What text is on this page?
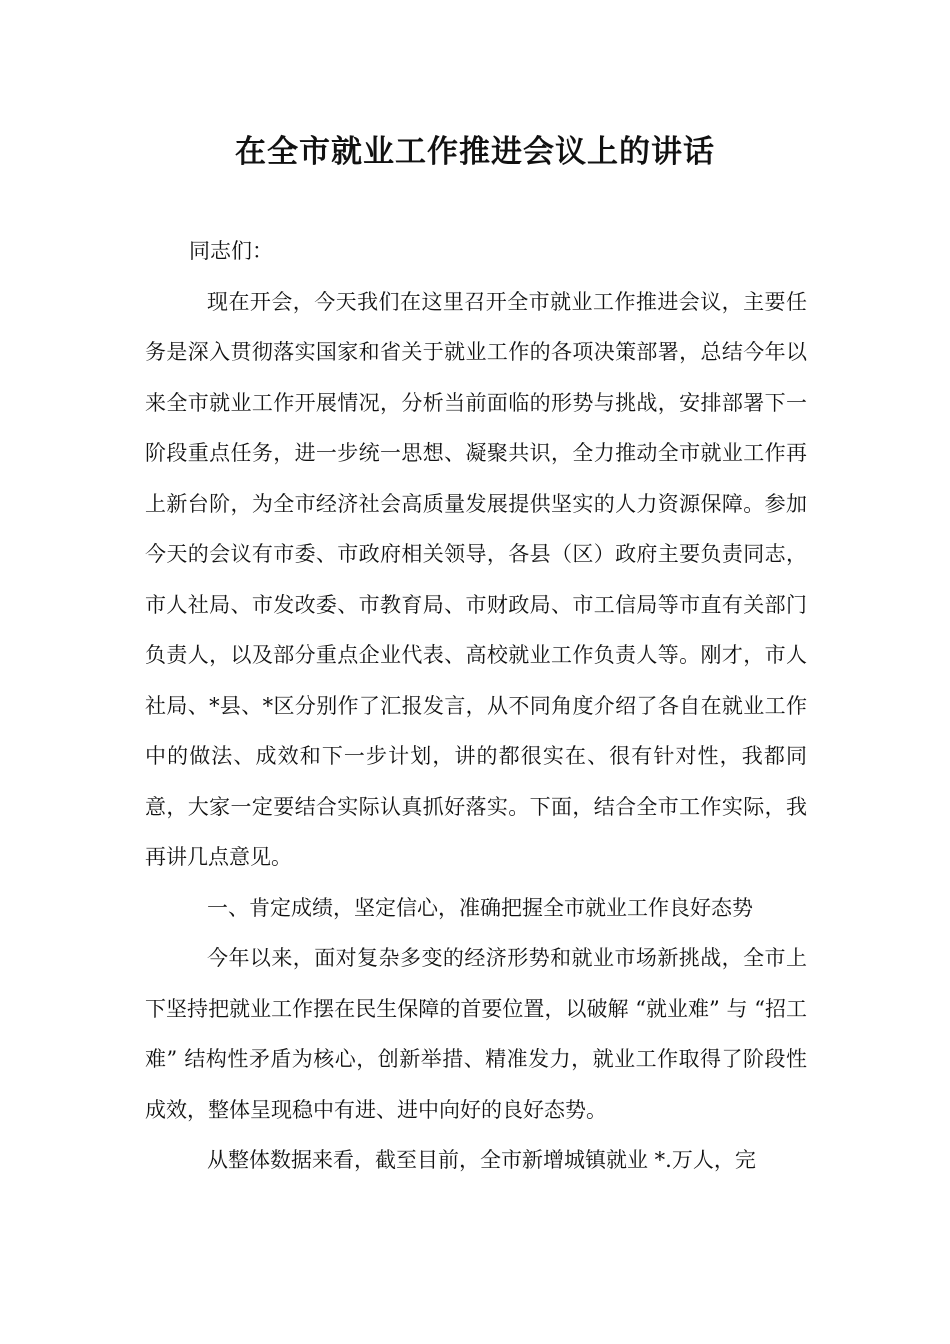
在全市就业工作推进会议上的讲话

同志们：

现在开会，今天我们在这里召开全市就业工作推进会议，主要任务是深入贯彻落实国家和省关于就业工作的各项决策部署，总结今年以来全市就业工作开展情况，分析当前面临的形势与挑战，安排部署下一阶段重点任务，进一步统一思想、凝聚共识，全力推动全市就业工作再上新台阶，为全市经济社会高质量发展提供坚实的人力资源保障。参加今天的会议有市委、市政府相关领导，各县（区）政府主要负责同志，市人社局、市发改委、市教育局、市财政局、市工信局等市直有关部门负责人，以及部分重点企业代表、高校就业工作负责人等。刚才，市人社局、*县、*区分别作了汇报发言，从不同角度介绍了各自在就业工作中的做法、成效和下一步计划，讲的都很实在、很有针对性，我都同意，大家一定要结合实际认真抓好落实。下面，结合全市工作实际，我再讲几点意见。

一、肯定成绩，坚定信心，准确把握全市就业工作良好态势

今年以来，面对复杂多变的经济形势和就业市场新挑战，全市上下坚持把就业工作摆在民生保障的首要位置，以破解 “就业难” 与 “招工难” 结构性矛盾为核心，创新举措、精准发力，就业工作取得了阶段性成效，整体呈现稳中有进、进中向好的良好态势。

从整体数据来看，截至目前，全市新增城镇就业 *.万人，完
